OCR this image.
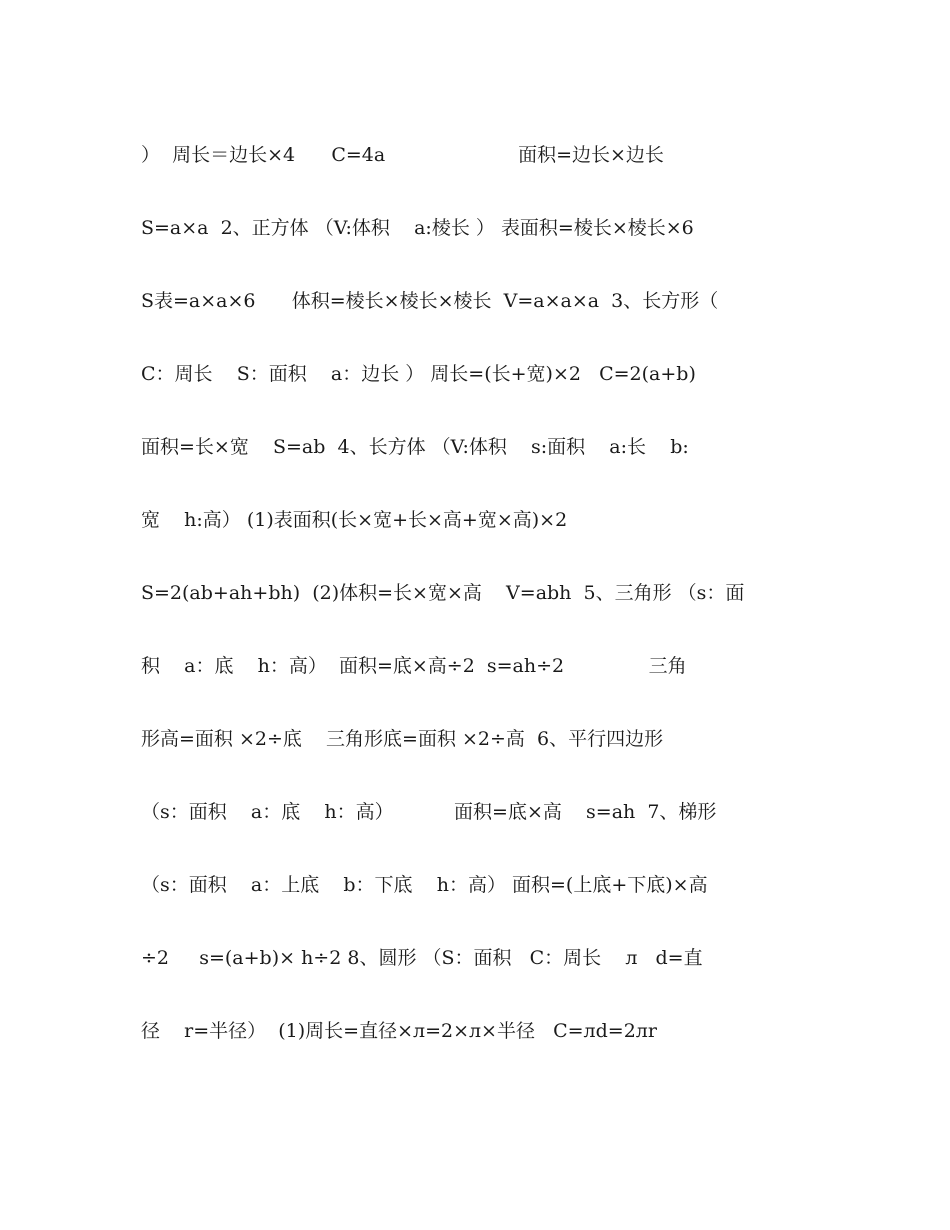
）  周长＝边长×4      C=4a                      面积=边长×边长
S=a×a  2、正方体 （V:体积    a:棱长 ） 表面积=棱长×棱长×6
S表=a×a×6      体积=棱长×棱长×棱长  V=a×a×a  3、长方形（
C：周长    S：面积    a：边长 ） 周长=(长+宽)×2   C=2(a+b)
面积=长×宽    S=ab  4、长方体 （V:体积    s:面积    a:长    b:
宽    h:高） (1)表面积(长×宽+长×高+宽×高)×2
S=2(ab+ah+bh)  (2)体积=长×宽×高    V=abh  5、三角形 （s：面
积    a：底    h：高）  面积=底×高÷2  s=ah÷2              三角
形高=面积 ×2÷底    三角形底=面积 ×2÷高  6、平行四边形
（s：面积    a：底    h：高）          面积=底×高    s=ah  7、梯形
（s：面积    a：上底    b：下底    h：高） 面积=(上底+下底)×高
÷2     s=(a+b)× h÷2 8、圆形 （S：面积   C：周长    л   d=直
径    r=半径）  (1)周长=直径×л=2×л×半径   C=лd=2лr
